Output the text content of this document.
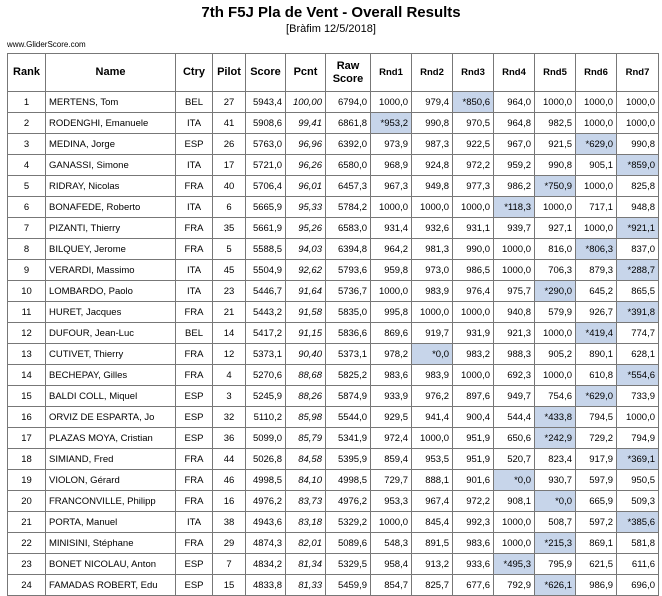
7th F5J Pla de Vent - Overall Results
[Bràfim 12/5/2018]
www.GliderScore.com
Rank	Name	Ctry	Pilot	Score	Pcnt	Raw Score	Rnd1	Rnd2	Rnd3	Rnd4	Rnd5	Rnd6	Rnd7
1	MERTENS, Tom	BEL	27	5943,4	100,00	6794,0	1000,0	979,4	*850,6	964,0	1000,0	1000,0	1000,0
2	RODENGHI, Emanuele	ITA	41	5908,6	99,41	6861,8	*953,2	990,8	970,5	964,8	982,5	1000,0	1000,0
3	MEDINA, Jorge	ESP	26	5763,0	96,96	6392,0	973,9	987,3	922,5	967,0	921,5	*629,0	990,8
4	GANASSI, Simone	ITA	17	5721,0	96,26	6580,0	968,9	924,8	972,2	959,2	990,8	905,1	*859,0
5	RIDRAY, Nicolas	FRA	40	5706,4	96,01	6457,3	967,3	949,8	977,3	986,2	*750,9	1000,0	825,8
6	BONAFEDE, Roberto	ITA	6	5665,9	95,33	5784,2	1000,0	1000,0	1000,0	*118,3	1000,0	717,1	948,8
7	PIZANTI, Thierry	FRA	35	5661,9	95,26	6583,0	931,4	932,6	931,1	939,7	927,1	1000,0	*921,1
8	BILQUEY, Jerome	FRA	5	5588,5	94,03	6394,8	964,2	981,3	990,0	1000,0	816,0	*806,3	837,0
9	VERARDI, Massimo	ITA	45	5504,9	92,62	5793,6	959,8	973,0	986,5	1000,0	706,3	879,3	*288,7
10	LOMBARDO, Paolo	ITA	23	5446,7	91,64	5736,7	1000,0	983,9	976,4	975,7	*290,0	645,2	865,5
11	HURET, Jacques	FRA	21	5443,2	91,58	5835,0	995,8	1000,0	1000,0	940,8	579,9	926,7	*391,8
12	DUFOUR, Jean-Luc	BEL	14	5417,2	91,15	5836,6	869,6	919,7	931,9	921,3	1000,0	*419,4	774,7
13	CUTIVET, Thierry	FRA	12	5373,1	90,40	5373,1	978,2	*0,0	983,2	988,3	905,2	890,1	628,1
14	BECHEPAY, Gilles	FRA	4	5270,6	88,68	5825,2	983,6	983,9	1000,0	692,3	1000,0	610,8	*554,6
15	BALDI COLL, Miquel	ESP	3	5245,9	88,26	5874,9	933,9	976,2	897,6	949,7	754,6	*629,0	733,9
16	ORVIZ DE ESPARTA, Jo	ESP	32	5110,2	85,98	5544,0	929,5	941,4	900,4	544,4	*433,8	794,5	1000,0
17	PLAZAS MOYA, Cristian	ESP	36	5099,0	85,79	5341,9	972,4	1000,0	951,9	650,6	*242,9	729,2	794,9
18	SIMIAND, Fred	FRA	44	5026,8	84,58	5395,9	859,4	953,5	951,9	520,7	823,4	917,9	*369,1
19	VIOLON, Gérard	FRA	46	4998,5	84,10	4998,5	729,7	888,1	901,6	*0,0	930,7	597,9	950,5
20	FRANCONVILLE, Philipp	FRA	16	4976,2	83,73	4976,2	953,3	967,4	972,2	908,1	*0,0	665,9	509,3
21	PORTA, Manuel	ITA	38	4943,6	83,18	5329,2	1000,0	845,4	992,3	1000,0	508,7	597,2	*385,6
22	MINISINI, Stéphane	FRA	29	4874,3	82,01	5089,6	548,3	891,5	983,6	1000,0	*215,3	869,1	581,8
23	BONET NICOLAU, Anton	ESP	7	4834,2	81,34	5329,5	958,4	913,2	933,6	*495,3	795,9	621,5	611,6
24	FAMADAS ROBERT, Edu	ESP	15	4833,8	81,33	5459,9	854,7	825,7	677,6	792,9	*626,1	986,9	696,0
